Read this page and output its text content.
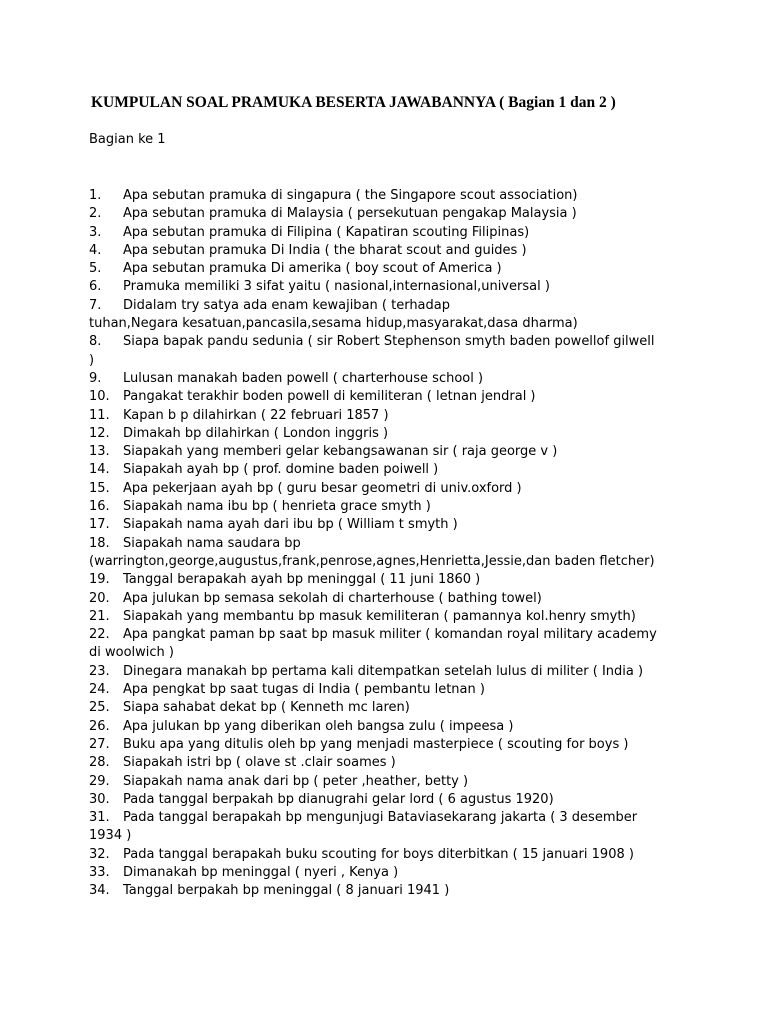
KUMPULAN SOAL PRAMUKA BESERTA JAWABANNYA ( Bagian 1 dan 2 )
Bagian ke 1
1. Apa sebutan pramuka di singapura ( the Singapore scout association)
2. Apa sebutan pramuka di Malaysia ( persekutuan pengakap Malaysia )
3. Apa sebutan pramuka di Filipina ( Kapatiran scouting Filipinas)
4. Apa sebutan pramuka Di India ( the bharat scout and guides )
5. Apa sebutan pramuka Di amerika ( boy scout of America )
6. Pramuka memiliki 3 sifat yaitu ( nasional,internasional,universal )
7. Didalam try satya ada enam kewajiban ( terhadap
tuhan,Negara kesatuan,pancasila,sesama hidup,masyarakat,dasa dharma)
8. Siapa bapak pandu sedunia ( sir Robert Stephenson smyth baden powellof gilwell
)
9. Lulusan manakah baden powell ( charterhouse school )
10. Pangakat terakhir boden powell di kemiliteran ( letnan jendral )
11. Kapan b p dilahirkan ( 22 februari 1857 )
12. Dimakah bp dilahirkan ( London inggris )
13. Siapakah yang memberi gelar kebangsawanan sir ( raja george v )
14. Siapakah ayah bp ( prof. domine baden poiwell )
15. Apa pekerjaan ayah bp ( guru besar geometri di univ.oxford )
16. Siapakah nama ibu bp ( henrieta grace smyth )
17. Siapakah nama ayah dari ibu bp ( William t smyth )
18. Siapakah nama saudara bp
(warrington,george,augustus,frank,penrose,agnes,Henrietta,Jessie,dan baden fletcher)
19. Tanggal berapakah ayah bp meninggal ( 11 juni 1860 )
20. Apa julukan bp semasa sekolah di charterhouse ( bathing towel)
21. Siapakah yang membantu bp masuk kemiliteran ( pamannya kol.henry smyth)
22. Apa pangkat paman bp saat bp masuk militer ( komandan royal military academy
di woolwich )
23. Dinegara manakah bp pertama kali ditempatkan setelah lulus di militer ( India )
24. Apa pengkat bp saat tugas di India ( pembantu letnan )
25. Siapa sahabat dekat bp ( Kenneth mc laren)
26. Apa julukan bp yang diberikan oleh bangsa zulu ( impeesa )
27. Buku apa yang ditulis oleh bp yang menjadi masterpiece ( scouting for boys )
28. Siapakah istri bp ( olave st .clair soames )
29. Siapakah nama anak dari bp ( peter ,heather, betty )
30. Pada tanggal berpakah bp dianugrahi gelar lord ( 6 agustus 1920)
31. Pada tanggal berapakah bp mengunjugi Bataviasekarang jakarta ( 3 desember
1934 )
32. Pada tanggal berapakah buku scouting for boys diterbitkan ( 15 januari 1908 )
33. Dimanakah bp meninggal ( nyeri , Kenya )
34. Tanggal berpakah bp meninggal ( 8 januari 1941 )
